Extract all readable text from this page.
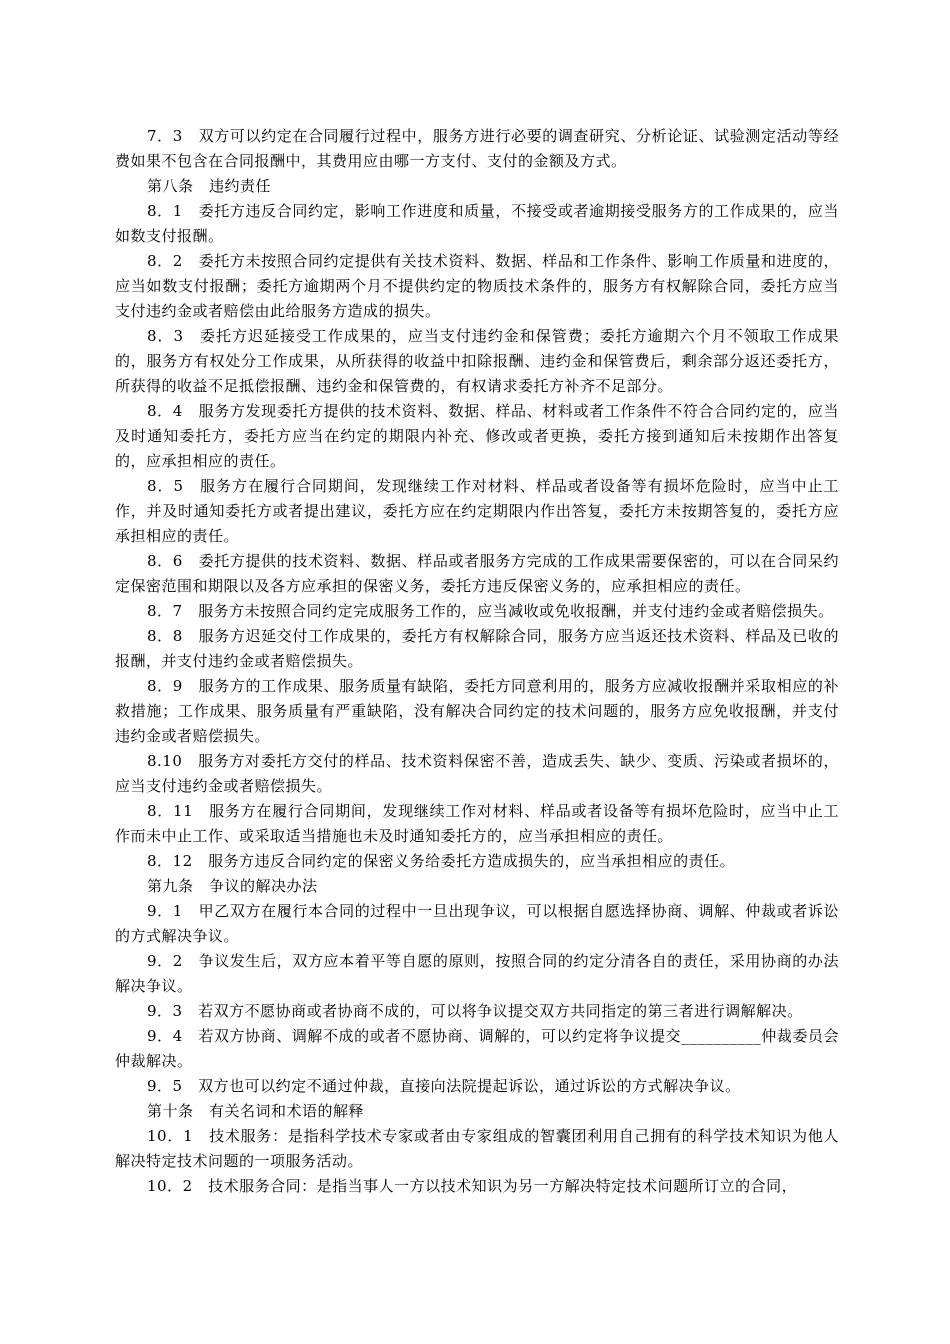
7．3　双方可以约定在合同履行过程中，服务方进行必要的调查研究、分析论证、试验测定活动等经费如果不包含在合同报酬中，其费用应由哪一方支付、支付的金额及方式。

第八条　违约责任

8．1　委托方违反合同约定，影响工作进度和质量，不接受或者逾期接受服务方的工作成果的，应当如数支付报酬。

8．2　委托方未按照合同约定提供有关技术资料、数据、样品和工作条件、影响工作质量和进度的，应当如数支付报酬；委托方逾期两个月不提供约定的物质技术条件的，服务方有权解除合同，委托方应当支付违约金或者赔偿由此给服务方造成的损失。

8．3　委托方迟延接受工作成果的，应当支付违约金和保管费；委托方逾期六个月不领取工作成果的，服务方有权处分工作成果，从所获得的收益中扣除报酬、违约金和保管费后，剩余部分返还委托方，所获得的收益不足抵偿报酬、违约金和保管费的，有权请求委托方补齐不足部分。

8．4　服务方发现委托方提供的技术资料、数据、样品、材料或者工作条件不符合合同约定的，应当及时通知委托方，委托方应当在约定的期限内补充、修改或者更换，委托方接到通知后未按期作出答复的，应承担相应的责任。

8．5　服务方在履行合同期间，发现继续工作对材料、样品或者设备等有损坏危险时，应当中止工作，并及时通知委托方或者提出建议，委托方应在约定期限内作出答复，委托方未按期答复的，委托方应承担相应的责任。

8．6　委托方提供的技术资料、数据、样品或者服务方完成的工作成果需要保密的，可以在合同呆约定保密范围和期限以及各方应承担的保密义务，委托方违反保密义务的，应承担相应的责任。

8．7　服务方未按照合同约定完成服务工作的，应当减收或免收报酬，并支付违约金或者赔偿损失。

8．8　服务方迟延交付工作成果的，委托方有权解除合同，服务方应当返还技术资料、样品及已收的报酬，并支付违约金或者赔偿损失。

8．9　服务方的工作成果、服务质量有缺陷，委托方同意利用的，服务方应减收报酬并采取相应的补救措施；工作成果、服务质量有严重缺陷，没有解决合同约定的技术问题的，服务方应免收报酬，并支付违约金或者赔偿损失。

8.10　服务方对委托方交付的样品、技术资料保密不善，造成丢失、缺少、变质、污染或者损坏的，应当支付违约金或者赔偿损失。

8．11　服务方在履行合同期间，发现继续工作对材料、样品或者设备等有损坏危险时，应当中止工作而未中止工作、或采取适当措施也未及时通知委托方的，应当承担相应的责任。

8．12　服务方违反合同约定的保密义务给委托方造成损失的，应当承担相应的责任。

第九条　争议的解决办法

9．1　甲乙双方在履行本合同的过程中一旦出现争议，可以根据自愿选择协商、调解、仲裁或者诉讼的方式解决争议。

9．2　争议发生后，双方应本着平等自愿的原则，按照合同的约定分清各自的责任，采用协商的办法解决争议。

9．3　若双方不愿协商或者协商不成的，可以将争议提交双方共同指定的第三者进行调解解决。

9．4　若双方协商、调解不成的或者不愿协商、调解的，可以约定将争议提交__________仲裁委员会仲裁解决。

9．5　双方也可以约定不通过仲裁，直接向法院提起诉讼，通过诉讼的方式解决争议。

第十条　有关名词和术语的解释

10．1　技术服务：是指科学技术专家或者由专家组成的智囊团利用自己拥有的科学技术知识为他人解决特定技术问题的一项服务活动。

10．2　技术服务合同：是指当事人一方以技术知识为另一方解决特定技术问题所订立的合同，
